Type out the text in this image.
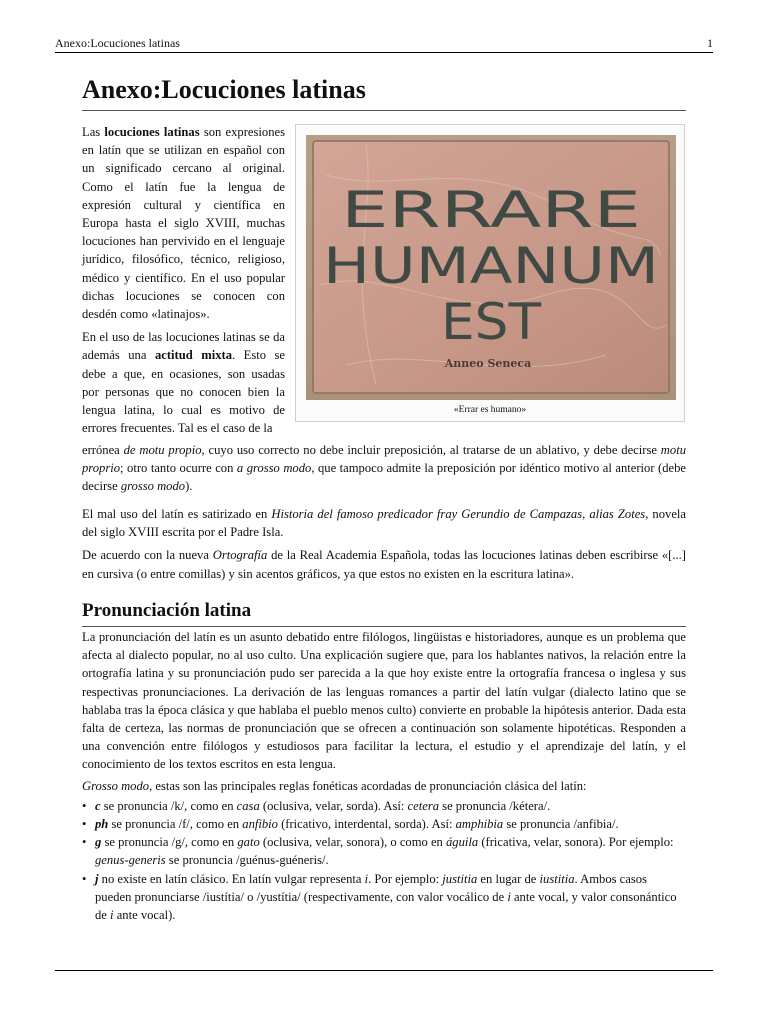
Anexo:Locuciones latinas	1
Anexo:Locuciones latinas

Las locuciones latinas son expresiones en latín que se utilizan en español con un significado cercano al original. Como el latín fue la lengua de expresión cultural y científica en Europa hasta el siglo XVIII, muchas locuciones han pervivido en el lenguaje jurídico, filosófico, técnico, religioso, médico y científico. En el uso popular dichas locuciones se conocen con desdén como «latinajos».

En el uso de las locuciones latinas se da además una actitud mixta. Esto se debe a que, en ocasiones, son usadas por personas que no conocen bien la lengua latina, lo cual es motivo de errores frecuentes. Tal es el caso de la

ERRARE
HUMANUM
EST
Anneo Seneca
«Errar es humano»

errónea de motu propio, cuyo uso correcto no debe incluir preposición, al tratarse de un ablativo, y debe decirse motu proprio; otro tanto ocurre con a grosso modo, que tampoco admite la preposición por idéntico motivo al anterior (debe decirse grosso modo).

El mal uso del latín es satirizado en Historia del famoso predicador fray Gerundio de Campazas, alias Zotes, novela del siglo XVIII escrita por el Padre Isla.

De acuerdo con la nueva Ortografía de la Real Academia Española, todas las locuciones latinas deben escribirse «[...] en cursiva (o entre comillas) y sin acentos gráficos, ya que estos no existen en la escritura latina».

Pronunciación latina

La pronunciación del latín es un asunto debatido entre filólogos, lingüistas e historiadores, aunque es un problema que afecta al dialecto popular, no al uso culto. Una explicación sugiere que, para los hablantes nativos, la relación entre la ortografía latina y su pronunciación pudo ser parecida a la que hoy existe entre la ortografía francesa o inglesa y sus respectivas pronunciaciones. La derivación de las lenguas romances a partir del latín vulgar (dialecto latino que se hablaba tras la época clásica y que hablaba el pueblo menos culto) convierte en probable la hipótesis anterior. Dada esta falta de certeza, las normas de pronunciación que se ofrecen a continuación son solamente hipotéticas. Responden a una convención entre filólogos y estudiosos para facilitar la lectura, el estudio y el aprendizaje del latín, y el conocimiento de los textos escritos en esta lengua.

Grosso modo, estas son las principales reglas fonéticas acordadas de pronunciación clásica del latín:

• c se pronuncia /k/, como en casa (oclusiva, velar, sorda). Así: cetera se pronuncia /kétera/.
• ph se pronuncia /f/, como en anfibio (fricativo, interdental, sorda). Así: amphibia se pronuncia /anfibia/.
• g se pronuncia /g/, como en gato (oclusiva, velar, sonora), o como en águila (fricativa, velar, sonora). Por ejemplo: genus-generis se pronuncia /guénus-guéneris/.
• j no existe en latín clásico. En latín vulgar representa i. Por ejemplo: justitia en lugar de iustitia. Ambos casos pueden pronunciarse /iustítia/ o /yustítia/ (respectivamente, con valor vocálico de i ante vocal, y valor consonántico de i ante vocal).
